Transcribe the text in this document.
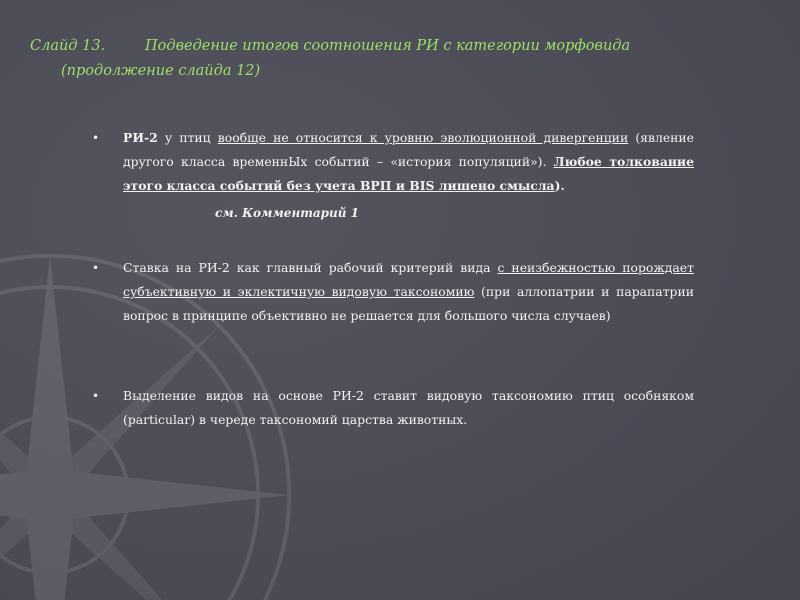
Слайд 13.	Подведение итогов соотношения РИ с категории морфовида
(продолжение слайда 12)
• РИ-2 у птиц вообще не относится к уровню эволюционной дивергенции (явление другого класса временнЫх событий – «история популяций»). Любое толкование этого класса событий без учета ВРП и BIS лишено смысла).
см. Комментарий 1
• Ставка на РИ-2 как главный рабочий критерий вида с неизбежностью порождает субъективную и эклектичную видовую таксономию (при аллопатрии и парапатрии вопрос в принципе объективно не решается для большого числа случаев)
• Выделение видов на основе РИ-2 ставит видовую таксономию птиц особняком (particular) в череде таксономий царства животных.
